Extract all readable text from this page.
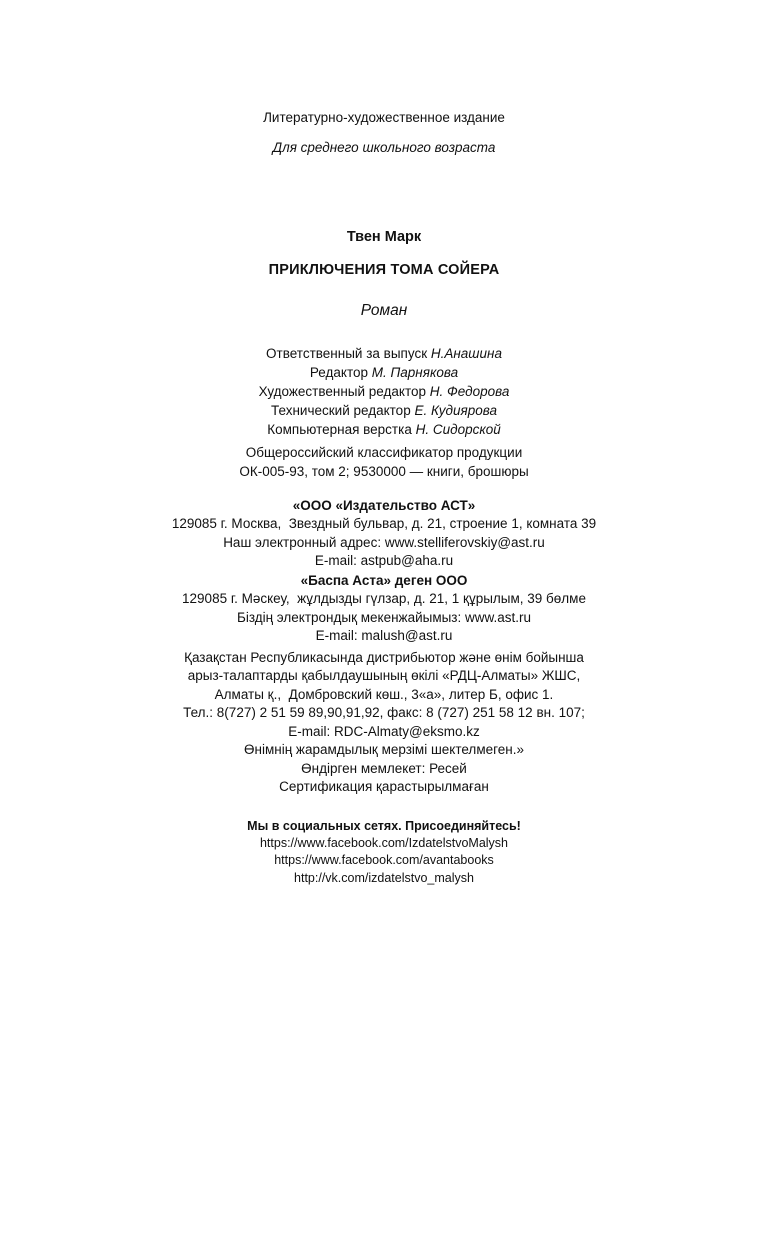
Литературно-художественное издание
Для среднего школьного возраста
Твен Марк
ПРИКЛЮЧЕНИЯ ТОМА СОЙЕРА
Роман
Ответственный за выпуск Н.Анашина
Редактор М. Парнякова
Художественный редактор Н. Федорова
Технический редактор Е. Кудиярова
Компьютерная верстка Н. Сидорской
Общероссийский классификатор продукции
ОК-005-93, том 2; 9530000 — книги, брошюры
«ООО «Издательство АСТ»
129085 г. Москва,  Звездный бульвар, д. 21, строение 1, комната 39
Наш электронный адрес: www.stelliferovskiy@ast.ru
E-mail: astpub@aha.ru
«Баспа Аста» деген ООО
129085 г. Мәскеу,  жұлдызды гүлзар, д. 21, 1 құрылым, 39 бөлме
Біздің электрондық мекенжайымыз: www.ast.ru
E-mail: malush@ast.ru
Қазақстан Республикасында дистрибьютор және өнім бойынша
арыз-талаптарды қабылдаушының өкілі «РДЦ-Алматы» ЖШС,
Алматы қ.,  Домбровский көш., 3«а», литер Б, офис 1.
Тел.: 8(727) 2 51 59 89,90,91,92, факс: 8 (727) 251 58 12 вн. 107;
E-mail: RDC-Almaty@eksmo.kz
Өнімнің жарамдылық мерзімі шектелмеген.»
Өндірген мемлекет: Ресей
Сертификация қарастырылмаған
Мы в социальных сетях. Присоединяйтесь!
https://www.facebook.com/IzdatelstvoMalysh
https://www.facebook.com/avantabooks
http://vk.com/izdatelstvo_malysh
